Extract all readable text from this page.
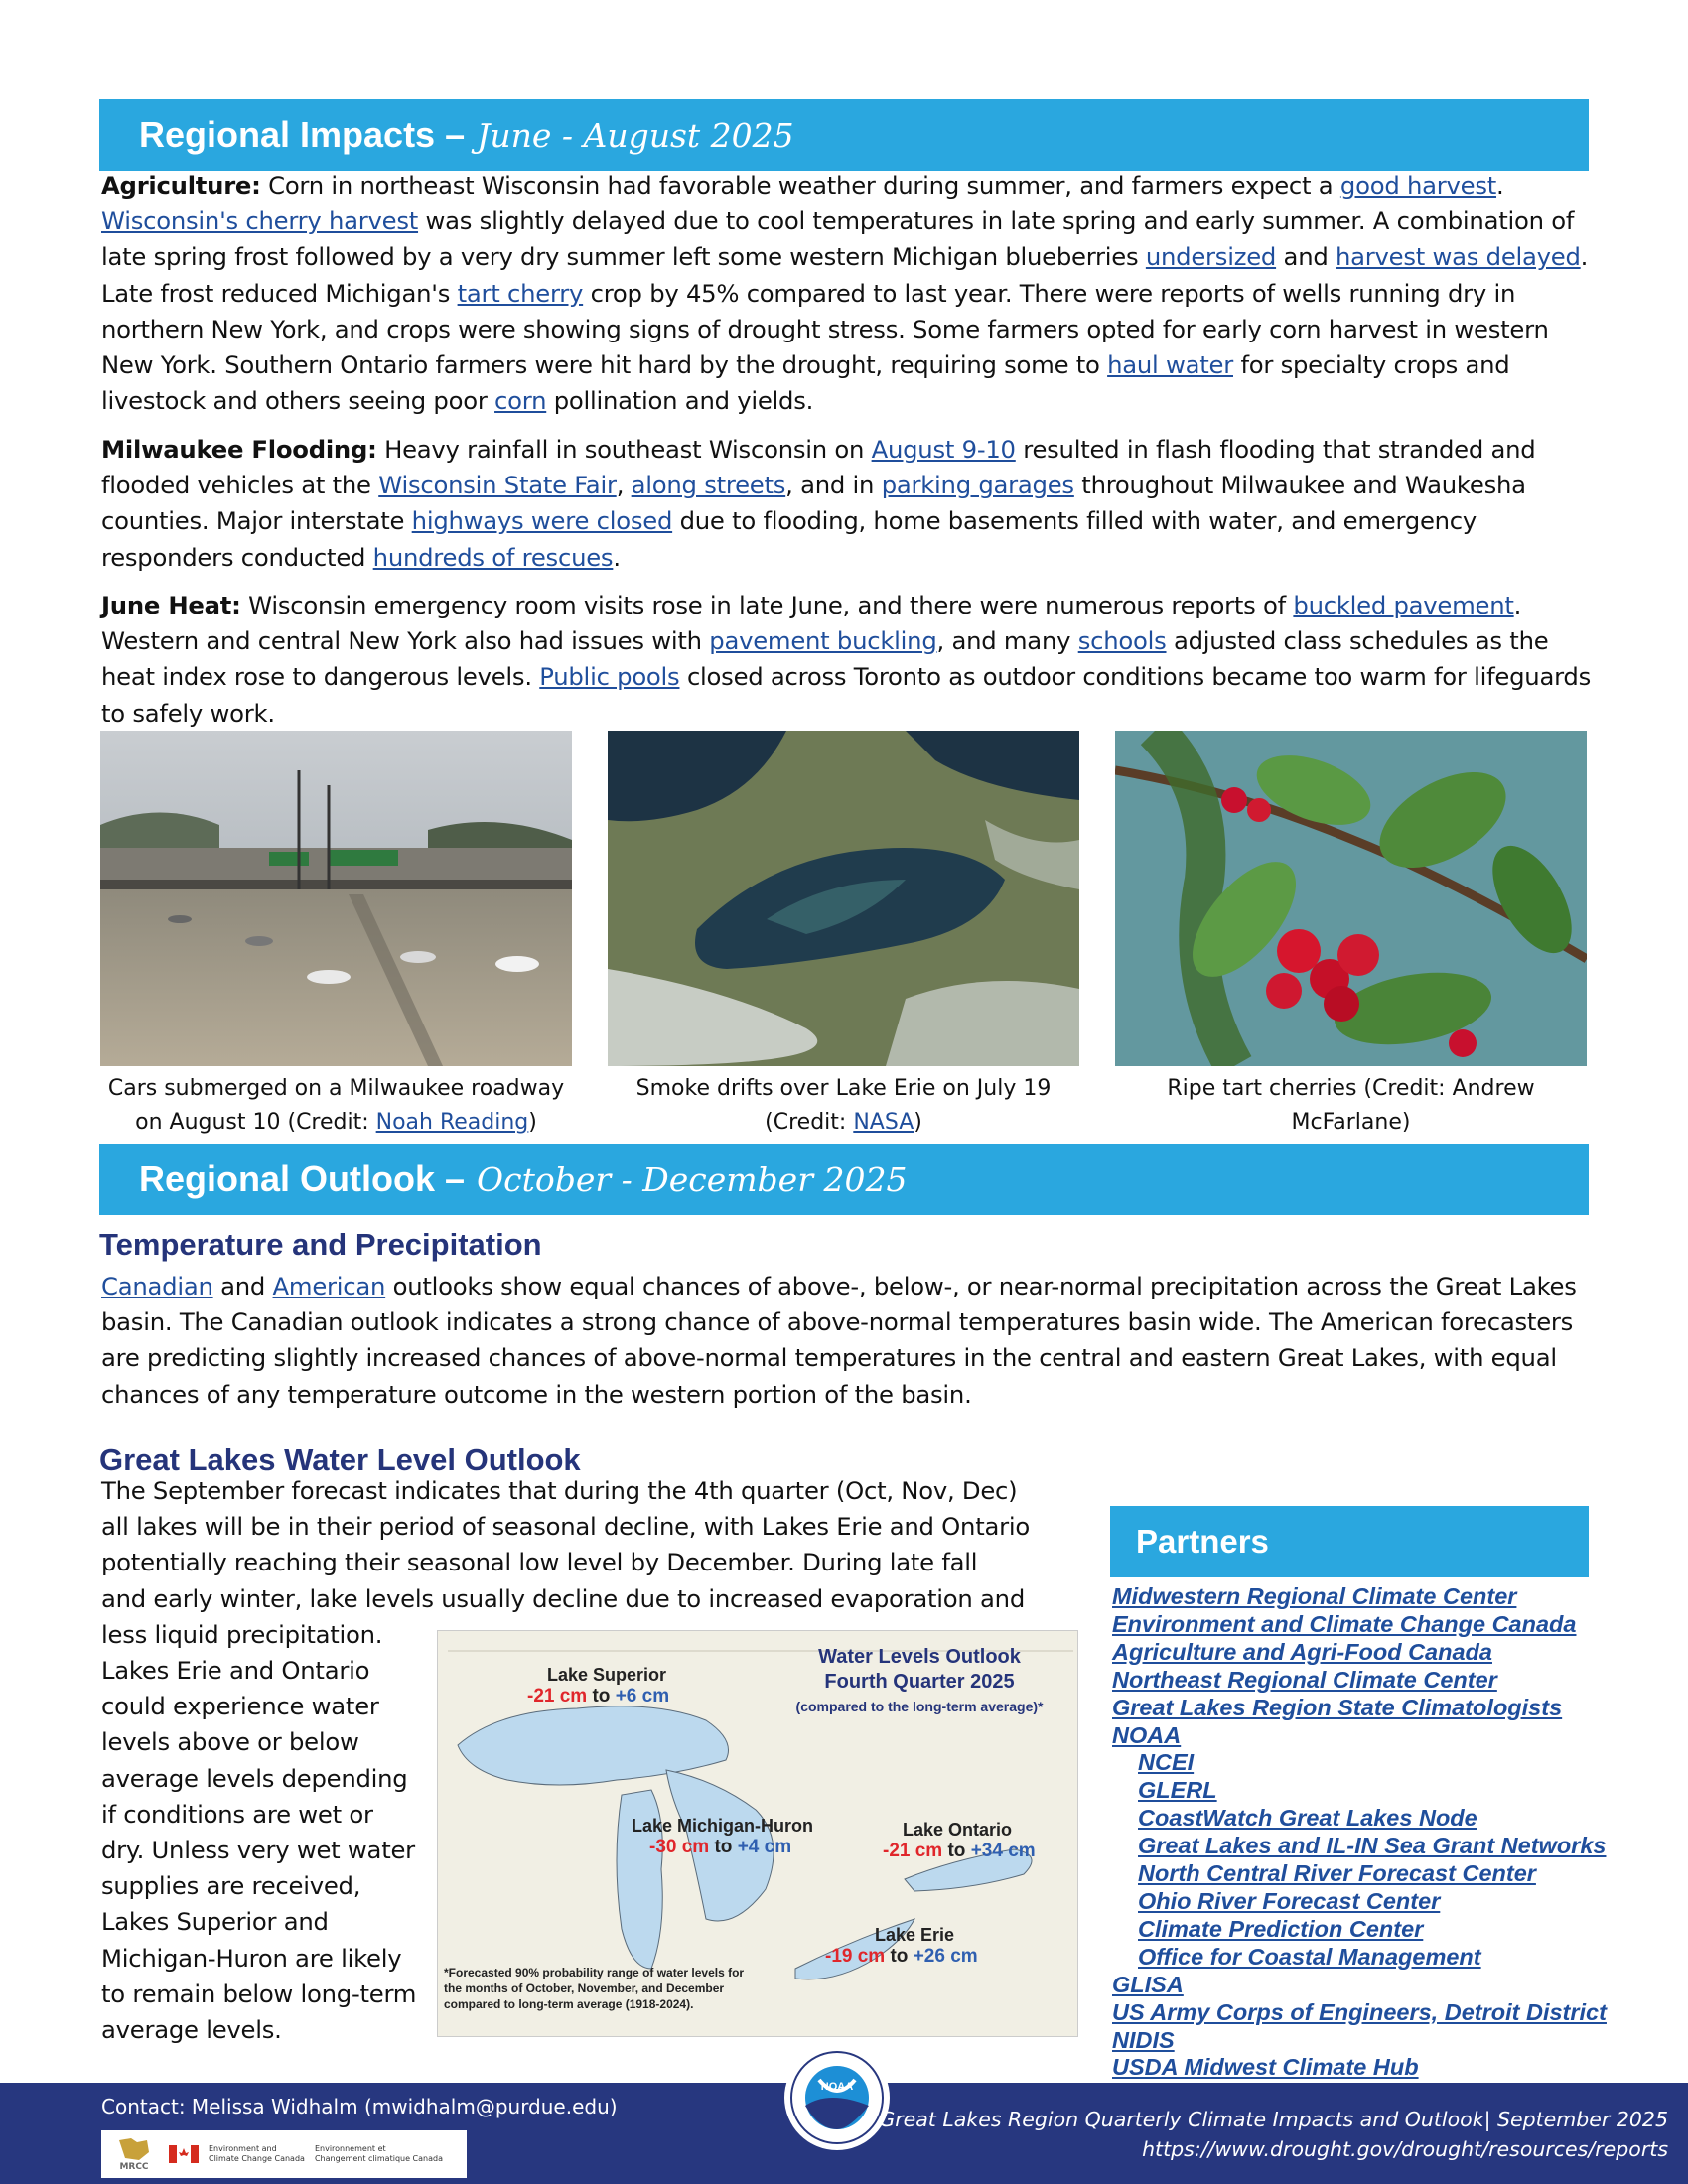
Regional Impacts – June - August 2025
Agriculture: Corn in northeast Wisconsin had favorable weather during summer, and farmers expect a good harvest. Wisconsin's cherry harvest was slightly delayed due to cool temperatures in late spring and early summer. A combination of late spring frost followed by a very dry summer left some western Michigan blueberries undersized and harvest was delayed. Late frost reduced Michigan's tart cherry crop by 45% compared to last year. There were reports of wells running dry in northern New York, and crops were showing signs of drought stress. Some farmers opted for early corn harvest in western New York. Southern Ontario farmers were hit hard by the drought, requiring some to haul water for specialty crops and livestock and others seeing poor corn pollination and yields.
Milwaukee Flooding: Heavy rainfall in southeast Wisconsin on August 9-10 resulted in flash flooding that stranded and flooded vehicles at the Wisconsin State Fair, along streets, and in parking garages throughout Milwaukee and Waukesha counties. Major interstate highways were closed due to flooding, home basements filled with water, and emergency responders conducted hundreds of rescues.
June Heat: Wisconsin emergency room visits rose in late June, and there were numerous reports of buckled pavement. Western and central New York also had issues with pavement buckling, and many schools adjusted class schedules as the heat index rose to dangerous levels. Public pools closed across Toronto as outdoor conditions became too warm for lifeguards to safely work.
Cars submerged on a Milwaukee roadway on August 10 (Credit: Noah Reading)
Smoke drifts over Lake Erie on July 19 (Credit: NASA)
Ripe tart cherries (Credit: Andrew McFarlane)
Regional Outlook – October - December 2025
Temperature and Precipitation
Canadian and American outlooks show equal chances of above-, below-, or near-normal precipitation across the Great Lakes basin. The Canadian outlook indicates a strong chance of above-normal temperatures basin wide. The American forecasters are predicting slightly increased chances of above-normal temperatures in the central and eastern Great Lakes, with equal chances of any temperature outcome in the western portion of the basin.
Great Lakes Water Level Outlook
The September forecast indicates that during the 4th quarter (Oct, Nov, Dec)
all lakes will be in their period of seasonal decline, with Lakes Erie and Ontario
potentially reaching their seasonal low level by December. During late fall
and early winter, lake levels usually decline due to increased evaporation and
less liquid precipitation.
Lakes Erie and Ontario
could experience water
levels above or below
average levels depending
if conditions are wet or
dry. Unless very wet water
supplies are received,
Lakes Superior and
Michigan-Huron are likely
to remain below long-term
average levels.
Water Levels Outlook
Fourth Quarter 2025
(compared to the long-term average)*
Lake Superior
-21 cm to +6 cm
Lake Michigan-Huron
-30 cm to +4 cm
Lake Ontario
-21 cm to +34 cm
Lake Erie
-19 cm to +26 cm
*Forecasted 90% probability range of water levels for
the months of October, November, and December
compared to long-term average (1918-2024).
Partners
Midwestern Regional Climate Center
Environment and Climate Change Canada
Agriculture and Agri-Food Canada
Northeast Regional Climate Center
Great Lakes Region State Climatologists
NOAA
NCEI
GLERL
CoastWatch Great Lakes Node
Great Lakes and IL-IN Sea Grant Networks
North Central River Forecast Center
Ohio River Forecast Center
Climate Prediction Center
Office for Coastal Management
GLISA
US Army Corps of Engineers, Detroit District
NIDIS
USDA Midwest Climate Hub
Contact: Melissa Widhalm (mwidhalm@purdue.edu)
MRCC
Environment and
Climate Change Canada
Environnement et
Changement climatique Canada
NOAA
Great Lakes Region Quarterly Climate Impacts and Outlook| September 2025
https://www.drought.gov/drought/resources/reports
